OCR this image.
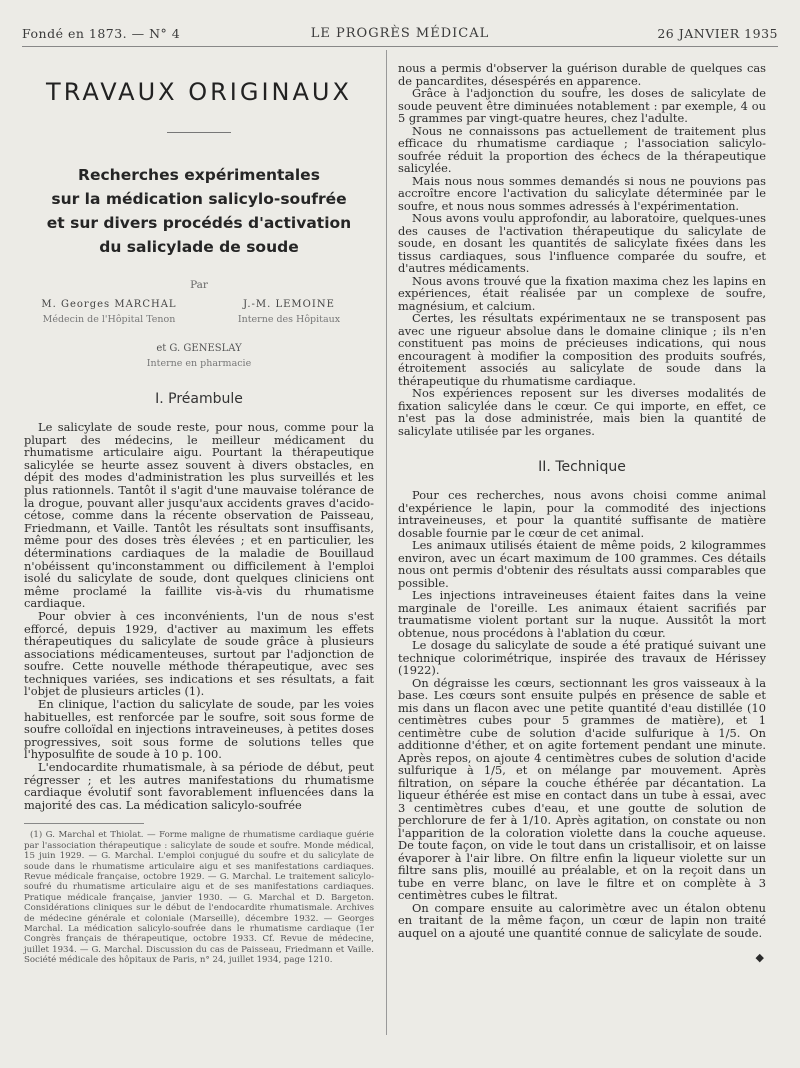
Fondé en 1873. — N° 4	LE PROGRÈS MÉDICAL	26 JANVIER 1935
TRAVAUX ORIGINAUX
Recherches expérimentales
sur la médication salicylo-soufrée
et sur divers procédés d'activation
du salicylade de soude
Par
M. Georges MARCHAL
Médecin de l'Hôpital Tenon
J.-M. LEMOINE
Interne des Hôpitaux
et G. GENESLAY
Interne en pharmacie
I. Préambule

Le salicylate de soude reste, pour nous, comme pour la plupart des médecins, le meilleur médicament du rhumatisme articulaire aigu. Pourtant la thérapeutique salicylée se heurte assez souvent à divers obstacles, en dépit des modes d'administration les plus surveillés et les plus rationnels. Tantôt il s'agit d'une mauvaise tolérance de la drogue, pouvant aller jusqu'aux accidents graves d'acido-cétose, comme dans la récente observation de Paisseau, Friedmann, et Vaille. Tantôt les résultats sont insuffisants, même pour des doses très élevées ; et en particulier, les déterminations cardiaques de la maladie de Bouillaud n'obéissent qu'inconstamment ou difficilement à l'emploi isolé du salicylate de soude, dont quelques cliniciens ont même proclamé la faillite vis-à-vis du rhumatisme cardiaque.

Pour obvier à ces inconvénients, l'un de nous s'est efforcé, depuis 1929, d'activer au maximum les effets thérapeutiques du salicylate de soude grâce à plusieurs associations médicamenteuses, surtout par l'adjonction de soufre. Cette nouvelle méthode thérapeutique, avec ses techniques variées, ses indications et ses résultats, a fait l'objet de plusieurs articles (1).

En clinique, l'action du salicylate de soude, par les voies habituelles, est renforcée par le soufre, soit sous forme de soufre colloïdal en injections intraveineuses, à petites doses progressives, soit sous forme de solutions telles que l'hyposulfite de soude à 10 p. 100.

L'endocardite rhumatismale, à sa période de début, peut régresser ; et les autres manifestations du rhumatisme cardiaque évolutif sont favorablement influencées dans la majorité des cas. La médication salicylo-soufrée

(1) G. Marchal et Thiolat. — Forme maligne de rhumatisme cardiaque guérie par l'association thérapeutique : salicylate de soude et soufre. Monde médical, 15 juin 1929. — G. Marchal. L'emploi conjugué du soufre et du salicylate de soude dans le rhumatisme articulaire aigu et ses manifestations cardiaques. Revue médicale française, octobre 1929. — G. Marchal. Le traitement salicylo-soufré du rhumatisme articulaire aigu et de ses manifestations cardiaques. Pratique médicale française, janvier 1930. — G. Marchal et D. Bargeton. Considérations cliniques sur le début de l'endocardite rhumatismale. Archives de médecine générale et coloniale (Marseille), décembre 1932. — Georges Marchal. La médication salicylo-soufrée dans le rhumatisme cardiaque (1er Congrès français de thérapeutique, octobre 1933. Cf. Revue de médecine, juillet 1934. — G. Marchal. Discussion du cas de Paisseau, Friedmann et Vaille. Société médicale des hôpitaux de Paris, n° 24, juillet 1934, page 1210.

nous a permis d'observer la guérison durable de quelques cas de pancardites, désespérés en apparence.

Grâce à l'adjonction du soufre, les doses de salicylate de soude peuvent être diminuées notablement : par exemple, 4 ou 5 grammes par vingt-quatre heures, chez l'adulte.

Nous ne connaissons pas actuellement de traitement plus efficace du rhumatisme cardiaque ; l'association salicylo-soufrée réduit la proportion des échecs de la thérapeutique salicylée.

Mais nous nous sommes demandés si nous ne pouvions pas accroître encore l'activation du salicylate déterminée par le soufre, et nous nous sommes adressés à l'expérimentation.

Nous avons voulu approfondir, au laboratoire, quelques-unes des causes de l'activation thérapeutique du salicylate de soude, en dosant les quantités de salicylate fixées dans les tissus cardiaques, sous l'influence comparée du soufre, et d'autres médicaments.

Nous avons trouvé que la fixation maxima chez les lapins en expériences, était réalisée par un complexe de soufre, magnésium, et calcium.

Certes, les résultats expérimentaux ne se transposent pas avec une rigueur absolue dans le domaine clinique ; ils n'en constituent pas moins de précieuses indications, qui nous encouragent à modifier la composition des produits soufrés, étroitement associés au salicylate de soude dans la thérapeutique du rhumatisme cardiaque.

Nos expériences reposent sur les diverses modalités de fixation salicylée dans le cœur. Ce qui importe, en effet, ce n'est pas la dose administrée, mais bien la quantité de salicylate utilisée par les organes.

II. Technique

Pour ces recherches, nous avons choisi comme animal d'expérience le lapin, pour la commodité des injections intraveineuses, et pour la quantité suffisante de matière dosable fournie par le cœur de cet animal.

Les animaux utilisés étaient de même poids, 2 kilogrammes environ, avec un écart maximum de 100 grammes. Ces détails nous ont permis d'obtenir des résultats aussi comparables que possible.

Les injections intraveineuses étaient faites dans la veine marginale de l'oreille. Les animaux étaient sacrifiés par traumatisme violent portant sur la nuque. Aussitôt la mort obtenue, nous procédons à l'ablation du cœur.

Le dosage du salicylate de soude a été pratiqué suivant une technique colorimétrique, inspirée des travaux de Hérissey (1922).

On dégraisse les cœurs, sectionnant les gros vaisseaux à la base. Les cœurs sont ensuite pulpés en présence de sable et mis dans un flacon avec une petite quantité d'eau distillée (10 centimètres cubes pour 5 grammes de matière), et 1 centimètre cube de solution d'acide sulfurique à 1/5. On additionne d'éther, et on agite fortement pendant une minute. Après repos, on ajoute 4 centimètres cubes de solution d'acide sulfurique à 1/5, et on mélange par mouvement. Après filtration, on sépare la couche éthérée par décantation. La liqueur éthérée est mise en contact dans un tube à essai, avec 3 centimètres cubes d'eau, et une goutte de solution de perchlorure de fer à 1/10. Après agitation, on constate ou non l'apparition de la coloration violette dans la couche aqueuse. De toute façon, on vide le tout dans un cristallisoir, et on laisse évaporer à l'air libre. On filtre enfin la liqueur violette sur un filtre sans plis, mouillé au préalable, et on la reçoit dans un tube en verre blanc, on lave le filtre et on complète à 3 centimètres cubes le filtrat.

On compare ensuite au calorimètre avec un étalon obtenu en traitant de la même façon, un cœur de lapin non traité auquel on a ajouté une quantité connue de salicylate de soude.

◆
